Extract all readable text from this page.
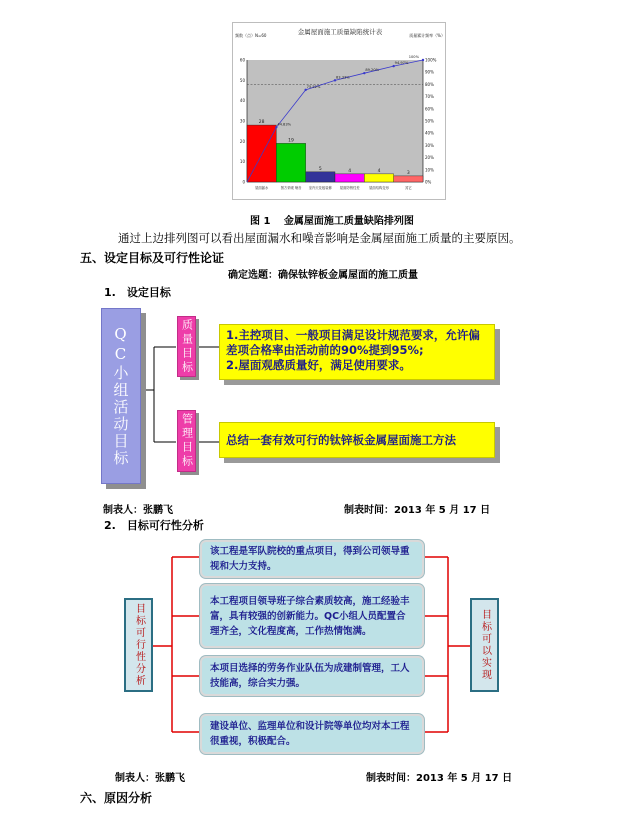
金属屋面施工质量缺陷统计表
频数（点）N=60	质量累计频率（%）
0
10
20
30
40
50
60
0%
10%
20%
30%
40%
50%
60%
70%
80%
90%
100%
28
屋面漏水
19
图方采暖 噪音
5
室内天花板装修
4
屋面防锈性差
4
屋面结构变形
3
其它
44.83%
75.52%
83.33%
89.20%
94.97%
100%
图 1　 金属屋面施工质量缺陷排列图
通过上边排列图可以看出屋面漏水和噪音影响是金属屋面施工质量的主要原因。
五、设定目标及可行性论证
确定选题：确保钛锌板金属屋面的施工质量
1.　设定目标
QC小组活动目标	质量目标
管理目标
1.主控项目、一般项目满足设计规范要求，允许偏差项合格率由活动前的90%提到95%;
2.屋面观感质量好，满足使用要求。
总结一套有效可行的钛锌板金属屋面施工方法
制表人：张鹏飞	制表时间：2013 年 5 月 17 日
2.　目标可行性分析
目标可行性分析	目标可以实现
该工程是军队院校的重点项目，得到公司领导重视和大力支持。
本工程项目领导班子综合素质较高，施工经验丰富，具有较强的创新能力。QC小组人员配置合理齐全，文化程度高，工作热情饱满。
本项目选择的劳务作业队伍为成建制管理，工人技能高，综合实力强。
建设单位、监理单位和设计院等单位均对本工程很重视，积极配合。
制表人：张鹏飞	制表时间：2013 年 5 月 17 日
六、原因分析
